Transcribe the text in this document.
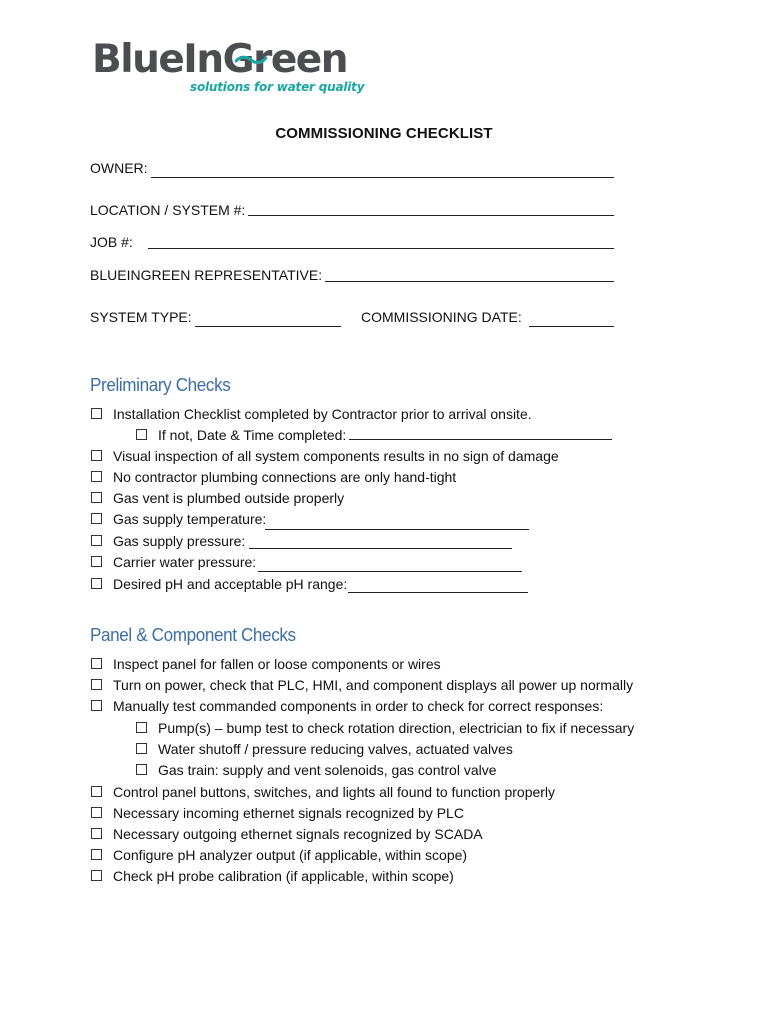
BlueInGreen
solutions for water quality
COMMISSIONING CHECKLIST
OWNER:
LOCATION / SYSTEM #:
JOB #:
BLUEINGREEN REPRESENTATIVE:
SYSTEM TYPE:	COMMISSIONING DATE:
Preliminary Checks
Installation Checklist completed by Contractor prior to arrival onsite.
If not, Date & Time completed:
Visual inspection of all system components results in no sign of damage
No contractor plumbing connections are only hand-tight
Gas vent is plumbed outside properly
Gas supply temperature:
Gas supply pressure:
Carrier water pressure:
Desired pH and acceptable pH range:
Panel & Component Checks
Inspect panel for fallen or loose components or wires
Turn on power, check that PLC, HMI, and component displays all power up normally
Manually test commanded components in order to check for correct responses:
Pump(s) – bump test to check rotation direction, electrician to fix if necessary
Water shutoff / pressure reducing valves, actuated valves
Gas train: supply and vent solenoids, gas control valve
Control panel buttons, switches, and lights all found to function properly
Necessary incoming ethernet signals recognized by PLC
Necessary outgoing ethernet signals recognized by SCADA
Configure pH analyzer output (if applicable, within scope)
Check pH probe calibration (if applicable, within scope)
